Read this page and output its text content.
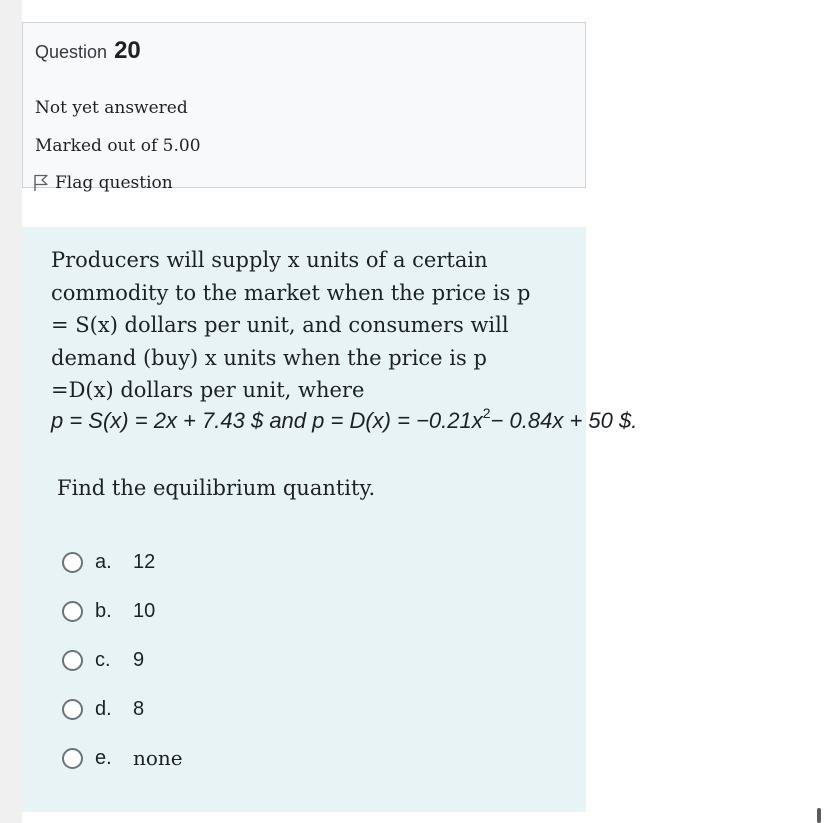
Question 20
Not yet answered
Marked out of 5.00
Flag question
Producers will supply x units of a certain commodity to the market when the price is p = S(x) dollars per unit, and consumers will demand (buy) x units when the price is p =D(x) dollars per unit, where
p = S(x) = 2x + 7.43 $ and $p = D(x) = -0.21x^2- 0.84x + 50$ $.
Find the equilibrium quantity.
a.	12
b.	10
c.	9
d.	8
e.	none
